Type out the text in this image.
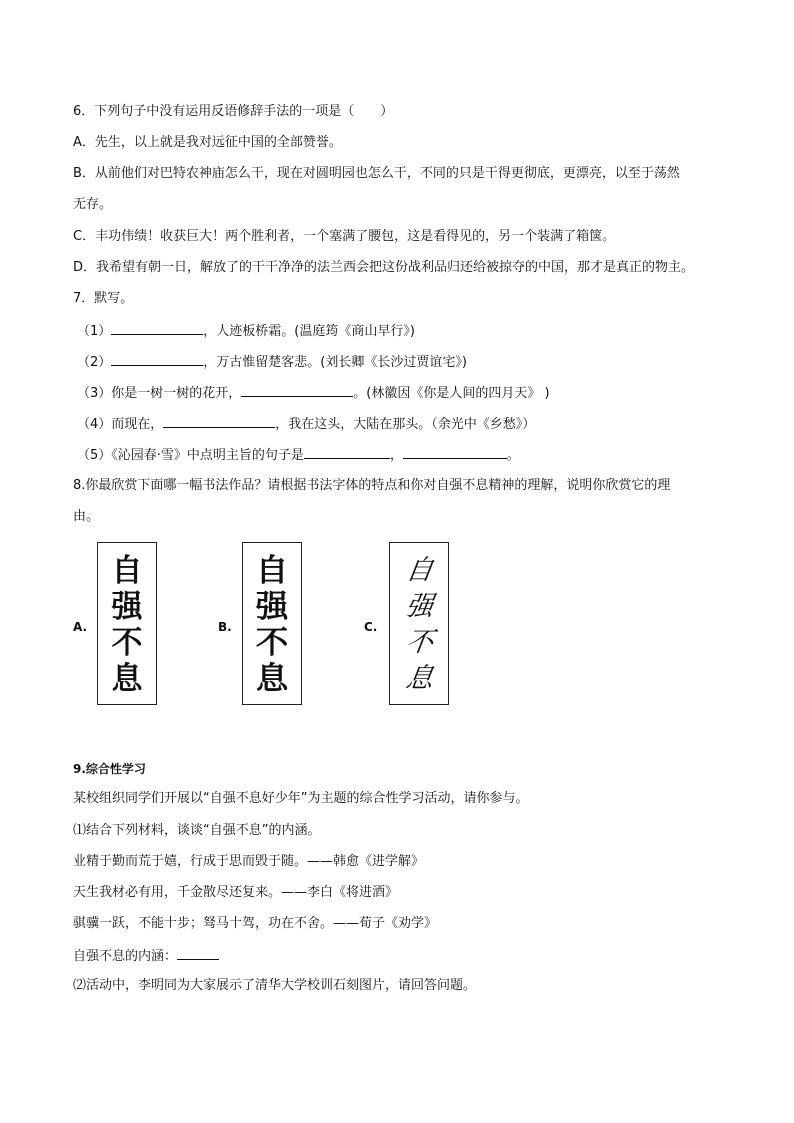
6．下列句子中没有运用反语修辞手法的一项是（　　）
A．先生，以上就是我对远征中国的全部赞誉。
B．从前他们对巴特农神庙怎么干，现在对圆明园也怎么干，不同的只是干得更彻底，更漂亮，以至于荡然
无存。
C．丰功伟绩！收获巨大！两个胜利者，一个塞满了腰包，这是看得见的，另一个装满了箱箧。
D．我希望有朝一日，解放了的干干净净的法兰西会把这份战利品归还给被掠夺的中国，那才是真正的物主。
7．默写。
（1）	，人迹板桥霜。(温庭筠《商山早行》)
（2）	，万古惟留楚客悲。(刘长卿《长沙过贾谊宅》)
（3）你是一树一树的花开，	。(林徽因《你是人间的四月天》 )
（4）而现在，	，我在这头，大陆在那头。（余光中《乡愁》）
（5）《沁园春·雪》中点明主旨的句子是	，	。
8.你最欣赏下面哪一幅书法作品？请根据书法字体的特点和你对自强不息精神的理解，说明你欣赏它的理
由。
A.
自
强
不
息
B.
自
强
不
息
C.
自
强
不
息
9.综合性学习
某校组织同学们开展以“自强不息好少年”为主题的综合性学习活动，请你参与。
⑴结合下列材料，谈谈“自强不息”的内涵。
业精于勤而荒于嬉，行成于思而毁于随。——韩愈《进学解》
天生我材必有用，千金散尽还复来。——李白《将进酒》
骐骥一跃，不能十步；驽马十驾，功在不舍。——荀子《劝学》
自强不息的内涵：
⑵活动中，李明同为大家展示了清华大学校训石刻图片，请回答问题。
